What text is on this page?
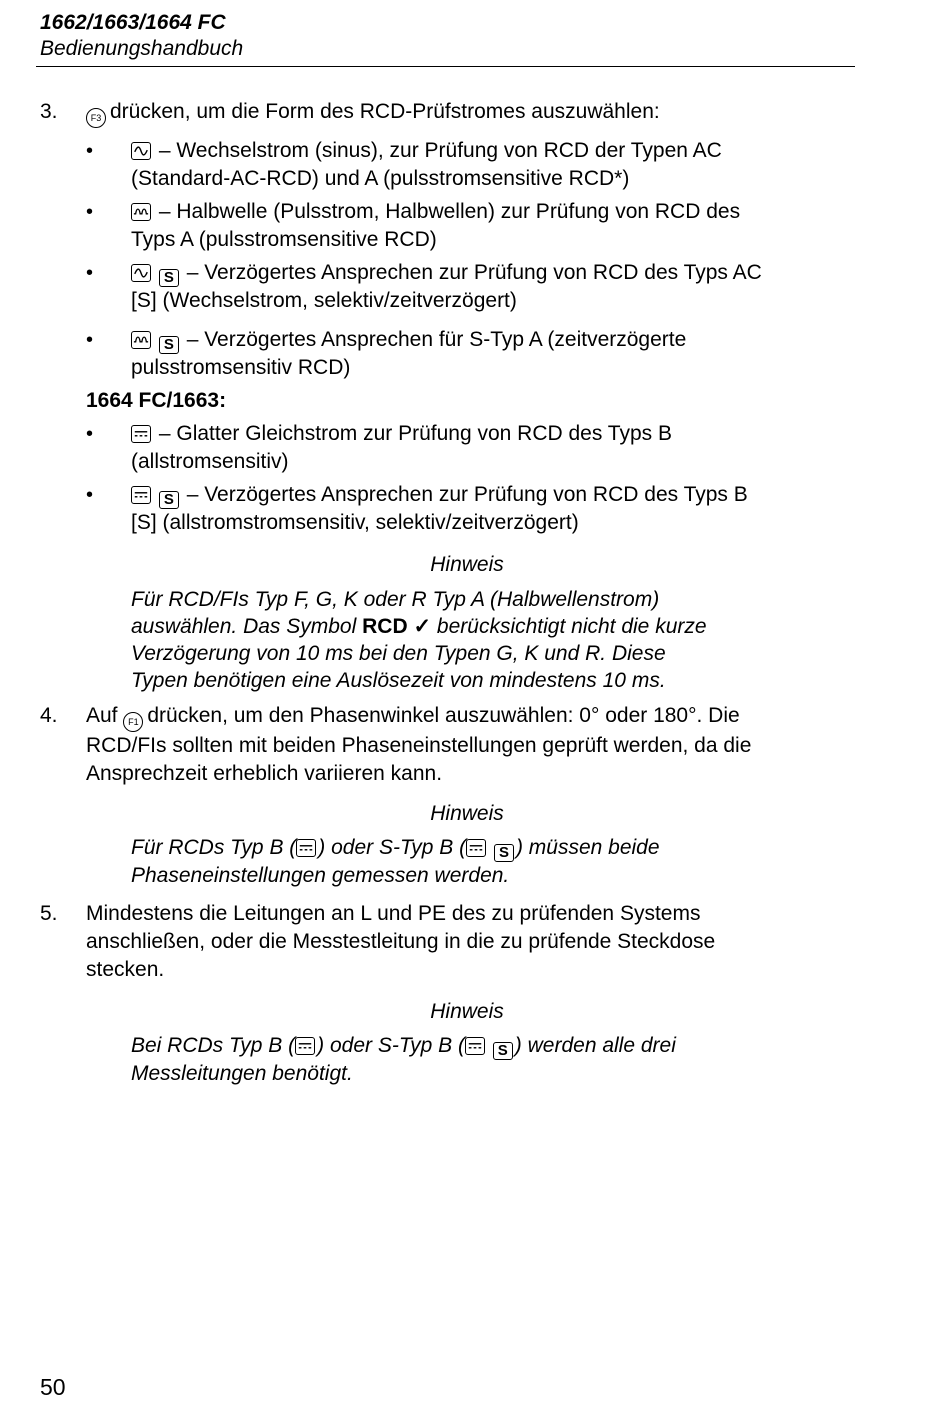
1662/1663/1664 FC
Bedienungshandbuch
3.	F3 drücken, um die Form des RCD-Prüfstromes auszuwählen:
•	– Wechselstrom (sinus), zur Prüfung von RCD der Typen AC
(Standard-AC-RCD) und A (pulsstromsensitive RCD*)
•	– Halbwelle (Pulsstrom, Halbwellen) zur Prüfung von RCD des
Typs A (pulsstromsensitive RCD)
•	S – Verzögertes Ansprechen zur Prüfung von RCD des Typs AC
[S] (Wechselstrom, selektiv/zeitverzögert)
•	S – Verzögertes Ansprechen für S-Typ A (zeitverzögerte
pulsstromsensitiv RCD)
1664 FC/1663:
•	– Glatter Gleichstrom zur Prüfung von RCD des Typs B
(allstromsensitiv)
•	S – Verzögertes Ansprechen zur Prüfung von RCD des Typs B
[S] (allstromstromsensitiv, selektiv/zeitverzögert)
Hinweis
Für RCD/FIs Typ F, G, K oder R Typ A (Halbwellenstrom)
auswählen. Das Symbol RCD ✓ berücksichtigt nicht die kurze
Verzögerung von 10 ms bei den Typen G, K und R. Diese
Typen benötigen eine Auslösezeit von mindestens 10 ms.
4. Auf F1 drücken, um den Phasenwinkel auszuwählen: 0° oder 180°. Die
RCD/FIs sollten mit beiden Phaseneinstellungen geprüft werden, da die
Ansprechzeit erheblich variieren kann.
Hinweis
Für RCDs Typ B ( ) oder S-Typ B ( S ) müssen beide
Phaseneinstellungen gemessen werden.
5. Mindestens die Leitungen an L und PE des zu prüfenden Systems
anschließen, oder die Messtestleitung in die zu prüfende Steckdose
stecken.
Hinweis
Bei RCDs Typ B ( ) oder S-Typ B ( S ) werden alle drei
Messleitungen benötigt.
50
